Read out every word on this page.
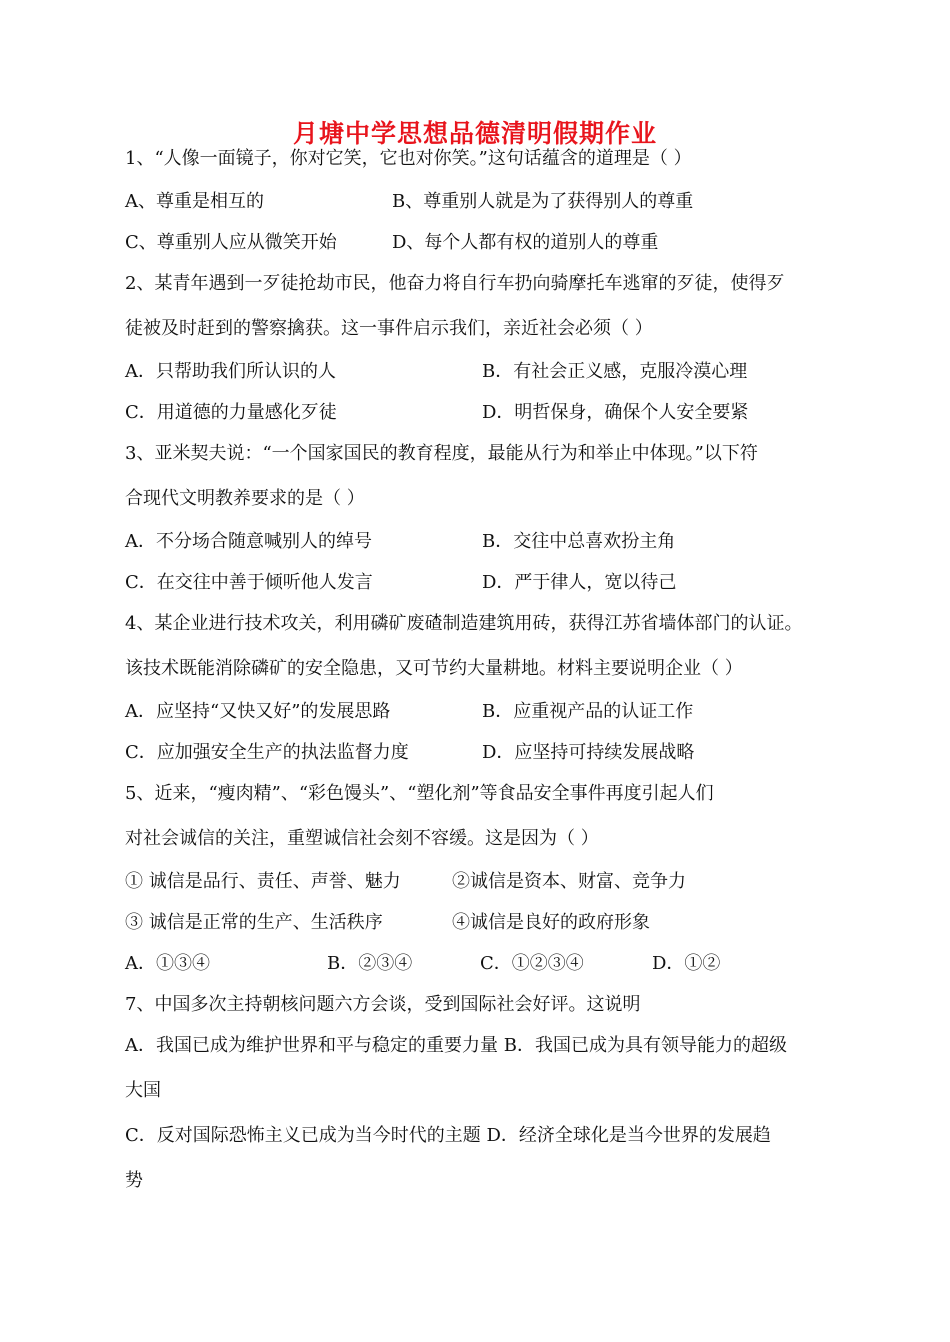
月塘中学思想品德清明假期作业
1、“人像一面镜子，你对它笑，它也对你笑。”这句话蕴含的道理是（ ）
A、尊重是相互的	B、尊重别人就是为了获得别人的尊重
C、尊重别人应从微笑开始	D、每个人都有权的道别人的尊重
2、某青年遇到一歹徒抢劫市民，他奋力将自行车扔向骑摩托车逃窜的歹徒，使得歹
徒被及时赶到的警察擒获。这一事件启示我们，亲近社会必须（ ）
A．只帮助我们所认识的人	B．有社会正义感，克服冷漠心理
C．用道德的力量感化歹徒	D．明哲保身，确保个人安全要紧
3、亚米契夫说：“一个国家国民的教育程度，最能从行为和举止中体现。”以下符
合现代文明教养要求的是（ ）
A．不分场合随意喊别人的绰号	B．交往中总喜欢扮主角
C．在交往中善于倾听他人发言	D．严于律人，宽以待己
4、某企业进行技术攻关，利用磷矿废碴制造建筑用砖，获得江苏省墙体部门的认证。
该技术既能消除磷矿的安全隐患，又可节约大量耕地。材料主要说明企业（ ）
A．应坚持“又快又好”的发展思路	B．应重视产品的认证工作
C．应加强安全生产的执法监督力度	D．应坚持可持续发展战略
5、近来，“瘦肉精”、“彩色馒头”、“塑化剂”等食品安全事件再度引起人们
对社会诚信的关注，重塑诚信社会刻不容缓。这是因为（ ）
① 诚信是品行、责任、声誉、魅力	②诚信是资本、财富、竞争力
③ 诚信是正常的生产、生活秩序	④诚信是良好的政府形象
A．①③④	B．②③④	C．①②③④	D．①②
7、中国多次主持朝核问题六方会谈，受到国际社会好评。这说明
A．我国已成为维护世界和平与稳定的重要力量 B．我国已成为具有领导能力的超级
大国
C．反对国际恐怖主义已成为当今时代的主题 D．经济全球化是当今世界的发展趋
势
